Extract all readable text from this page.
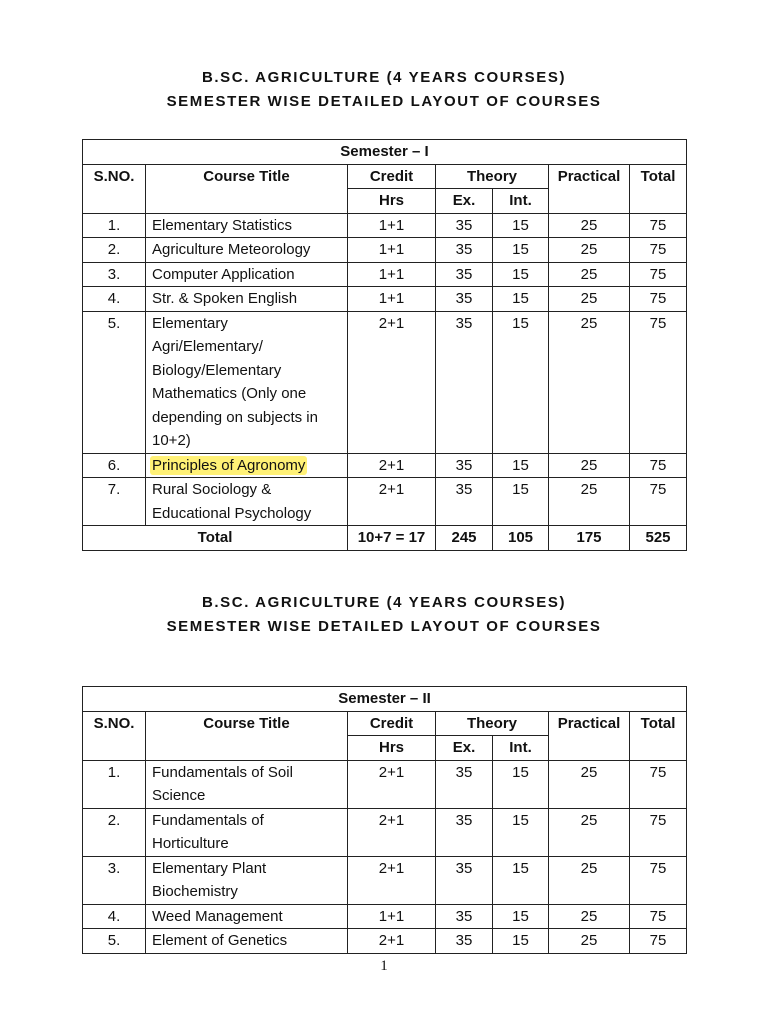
B.SC. AGRICULTURE (4 YEARS COURSES)
SEMESTER WISE DETAILED LAYOUT OF COURSES
Semester – I						
S.NO.	Course Title	Credit	Theory		Practical	Total
		Hrs	Ex.	Int.		
1.	Elementary Statistics	1+1	35	15	25	75
2.	Agriculture Meteorology	1+1	35	15	25	75
3.	Computer Application	1+1	35	15	25	75
4.	Str. & Spoken English	1+1	35	15	25	75
5.	Elementary Agri/Elementary/ Biology/Elementary Mathematics (Only one depending on subjects in 10+2)	2+1	35	15	25	75
6.	Principles of Agronomy	2+1	35	15	25	75
7.	Rural Sociology & Educational Psychology	2+1	35	15	25	75
Total		10+7 = 17	245	105	175	525
B.SC. AGRICULTURE (4 YEARS COURSES)
SEMESTER WISE DETAILED LAYOUT OF COURSES
Semester – II						
S.NO.	Course Title	Credit	Theory		Practical	Total
		Hrs	Ex.	Int.		
1.	Fundamentals of Soil Science	2+1	35	15	25	75
2.	Fundamentals of Horticulture	2+1	35	15	25	75
3.	Elementary Plant Biochemistry	2+1	35	15	25	75
4.	Weed Management	1+1	35	15	25	75
5.	Element of Genetics	2+1	35	15	25	75
1
